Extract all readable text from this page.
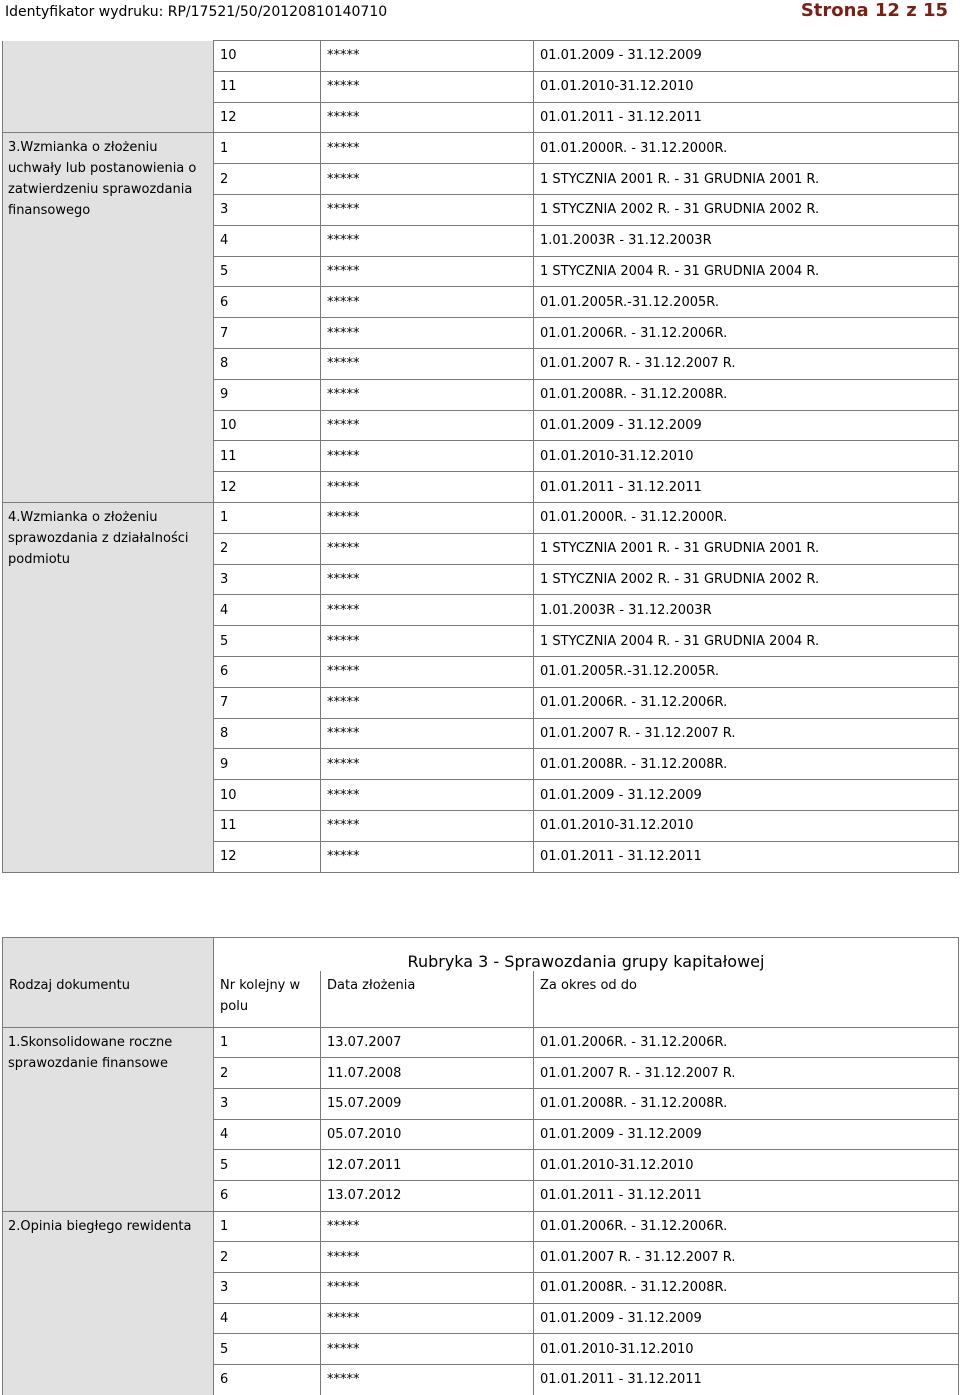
Identyfikator wydruku: RP/17521/50/20120810140710	Strona 12 z 15
	10	*****	01.01.2009 - 31.12.2009
	11	*****	01.01.2010-31.12.2010
	12	*****	01.01.2011 - 31.12.2011
3.Wzmianka o złożeniu uchwały lub postanowienia o zatwierdzeniu sprawozdania finansowego	1	*****	01.01.2000R. - 31.12.2000R.
	2	*****	1 STYCZNIA 2001 R. - 31 GRUDNIA 2001 R.
	3	*****	1 STYCZNIA 2002 R. - 31 GRUDNIA 2002 R.
	4	*****	1.01.2003R - 31.12.2003R
	5	*****	1 STYCZNIA 2004 R. - 31 GRUDNIA 2004 R.
	6	*****	01.01.2005R.-31.12.2005R.
	7	*****	01.01.2006R. - 31.12.2006R.
	8	*****	01.01.2007 R. - 31.12.2007 R.
	9	*****	01.01.2008R. - 31.12.2008R.
	10	*****	01.01.2009 - 31.12.2009
	11	*****	01.01.2010-31.12.2010
	12	*****	01.01.2011 - 31.12.2011
4.Wzmianka o złożeniu sprawozdania z działalności podmiotu	1	*****	01.01.2000R. - 31.12.2000R.
	2	*****	1 STYCZNIA 2001 R. - 31 GRUDNIA 2001 R.
	3	*****	1 STYCZNIA 2002 R. - 31 GRUDNIA 2002 R.
	4	*****	1.01.2003R - 31.12.2003R
	5	*****	1 STYCZNIA 2004 R. - 31 GRUDNIA 2004 R.
	6	*****	01.01.2005R.-31.12.2005R.
	7	*****	01.01.2006R. - 31.12.2006R.
	8	*****	01.01.2007 R. - 31.12.2007 R.
	9	*****	01.01.2008R. - 31.12.2008R.
	10	*****	01.01.2009 - 31.12.2009
	11	*****	01.01.2010-31.12.2010
	12	*****	01.01.2011 - 31.12.2011
	Rubryka 3 - Sprawozdania grupy kapitałowej		
Rodzaj dokumentu	Nr kolejny w polu	Data złożenia	Za okres od do
1.Skonsolidowane roczne sprawozdanie finansowe	1	13.07.2007	01.01.2006R. - 31.12.2006R.
	2	11.07.2008	01.01.2007 R. - 31.12.2007 R.
	3	15.07.2009	01.01.2008R. - 31.12.2008R.
	4	05.07.2010	01.01.2009 - 31.12.2009
	5	12.07.2011	01.01.2010-31.12.2010
	6	13.07.2012	01.01.2011 - 31.12.2011
2.Opinia biegłego rewidenta	1	*****	01.01.2006R. - 31.12.2006R.
	2	*****	01.01.2007 R. - 31.12.2007 R.
	3	*****	01.01.2008R. - 31.12.2008R.
	4	*****	01.01.2009 - 31.12.2009
	5	*****	01.01.2010-31.12.2010
	6	*****	01.01.2011 - 31.12.2011
